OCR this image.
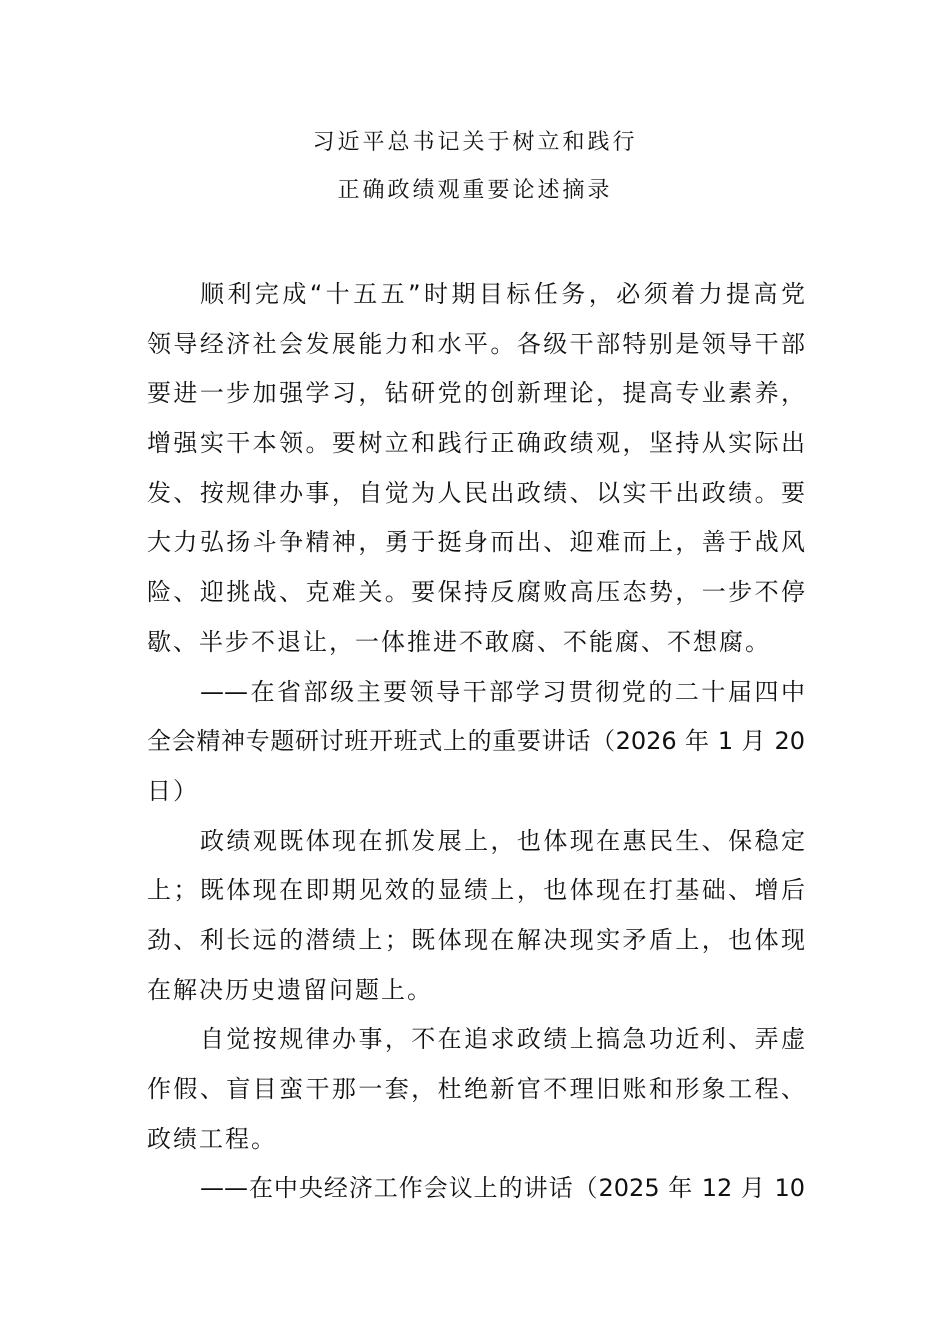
习近平总书记关于树立和践行
正确政绩观重要论述摘录
顺利完成“十五五”时期目标任务，必须着力提高党
领导经济社会发展能力和水平。各级干部特别是领导干部
要进一步加强学习，钻研党的创新理论，提高专业素养，
增强实干本领。要树立和践行正确政绩观，坚持从实际出
发、按规律办事，自觉为人民出政绩、以实干出政绩。要
大力弘扬斗争精神，勇于挺身而出、迎难而上，善于战风
险、迎挑战、克难关。要保持反腐败高压态势，一步不停
歇、半步不退让，一体推进不敢腐、不能腐、不想腐。
——在省部级主要领导干部学习贯彻党的二十届四中
全会精神专题研讨班开班式上的重要讲话（2026 年 1 月 20
日）
政绩观既体现在抓发展上，也体现在惠民生、保稳定
上；既体现在即期见效的显绩上，也体现在打基础、增后
劲、利长远的潜绩上；既体现在解决现实矛盾上，也体现
在解决历史遗留问题上。
自觉按规律办事，不在追求政绩上搞急功近利、弄虚
作假、盲目蛮干那一套，杜绝新官不理旧账和形象工程、
政绩工程。
——在中央经济工作会议上的讲话（2025 年 12 月 10
